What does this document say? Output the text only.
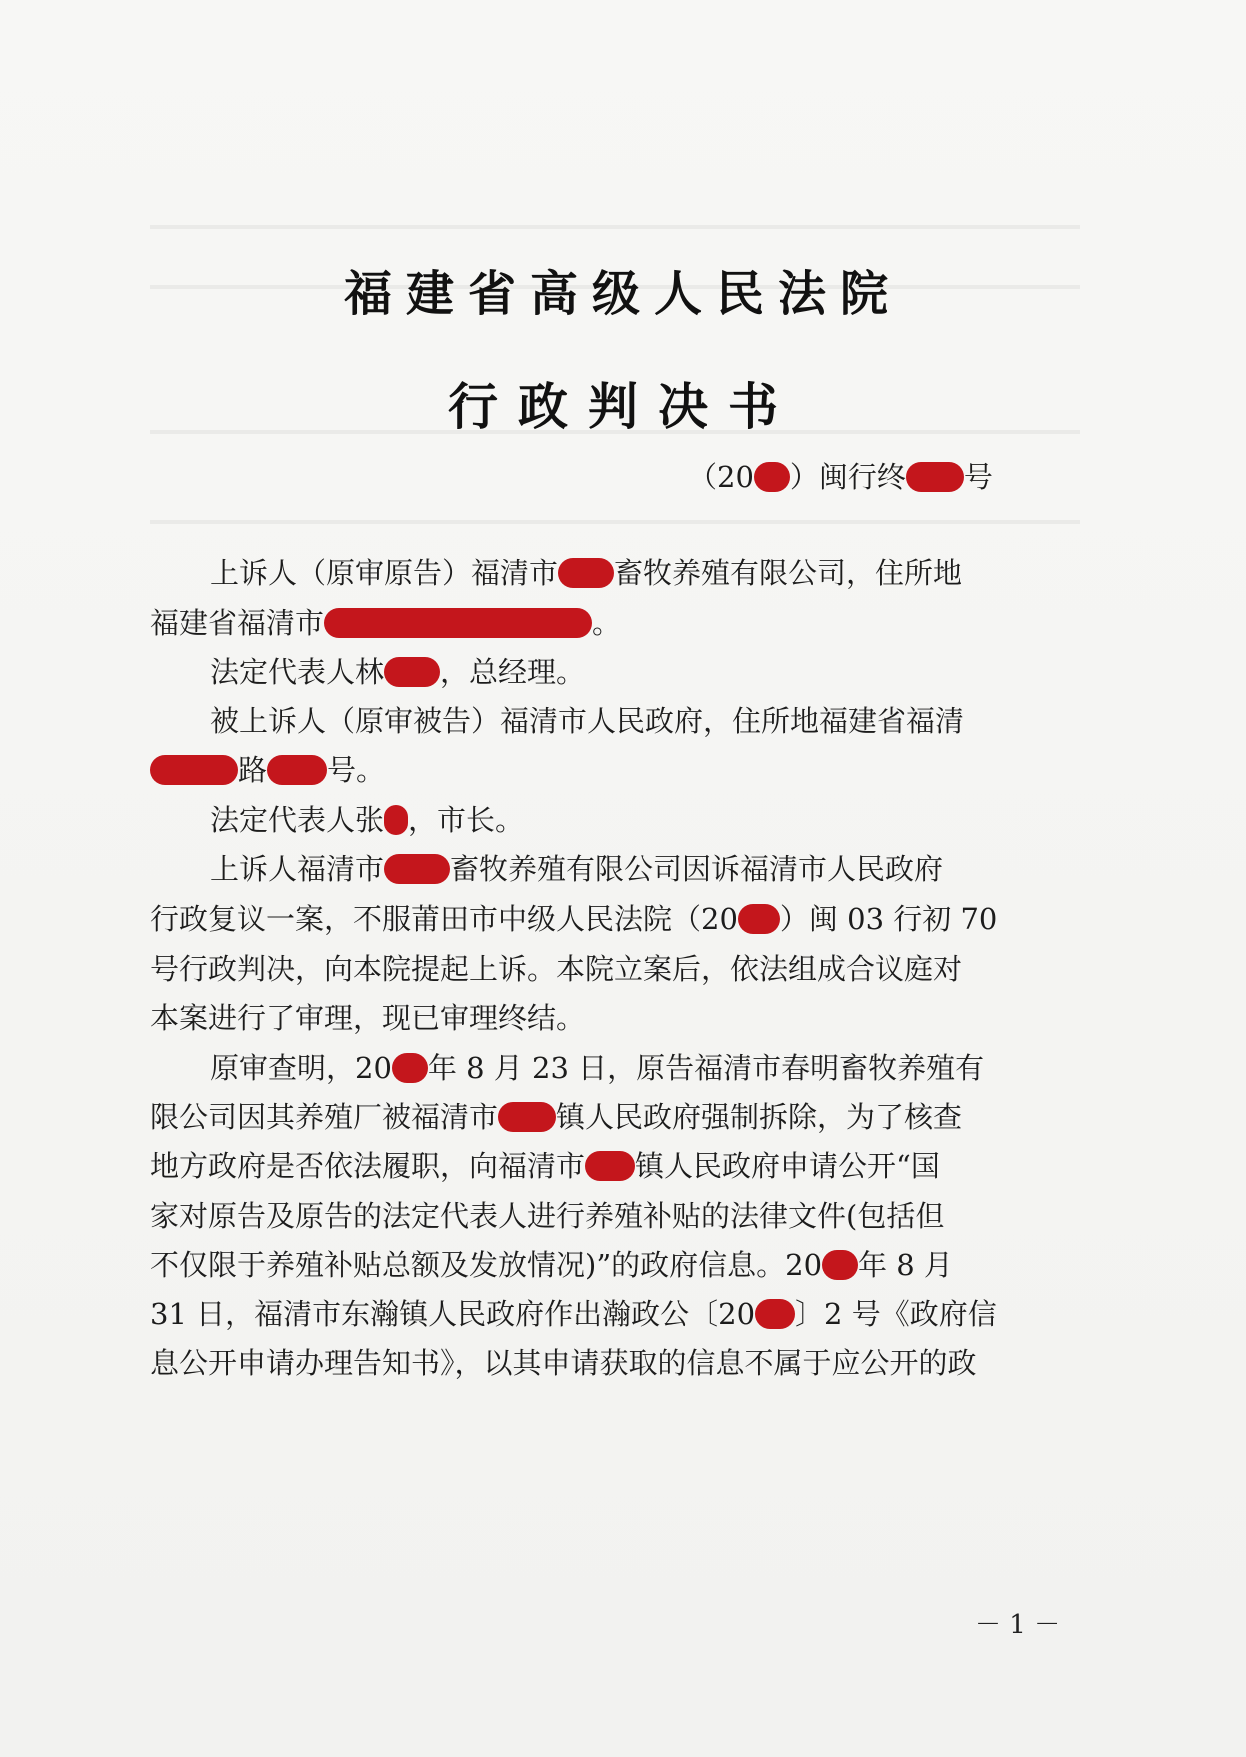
福建省高级人民法院
行政判决书
（20 ）闽行终 号
上诉人（原审原告）福清市 畜牧养殖有限公司，住所地
福建省福清市	。
法定代表人林 ，总经理。
被上诉人（原审被告）福清市人民政府，住所地福建省福清
路 号。
法定代表人张 ，市长。
上诉人福清市 畜牧养殖有限公司因诉福清市人民政府
行政复议一案，不服莆田市中级人民法院（20 ）闽 03 行初 70
号行政判决，向本院提起上诉。本院立案后，依法组成合议庭对
本案进行了审理，现已审理终结。
原审查明，20 年 8 月 23 日，原告福清市春明畜牧养殖有
限公司因其养殖厂被福清市 镇人民政府强制拆除，为了核查
地方政府是否依法履职，向福清市 镇人民政府申请公开“国
家对原告及原告的法定代表人进行养殖补贴的法律文件(包括但
不仅限于养殖补贴总额及发放情况)”的政府信息。20 年 8 月
31 日，福清市东瀚镇人民政府作出瀚政公〔20 〕2 号《政府信
息公开申请办理告知书》，以其申请获取的信息不属于应公开的政
－ 1 －
